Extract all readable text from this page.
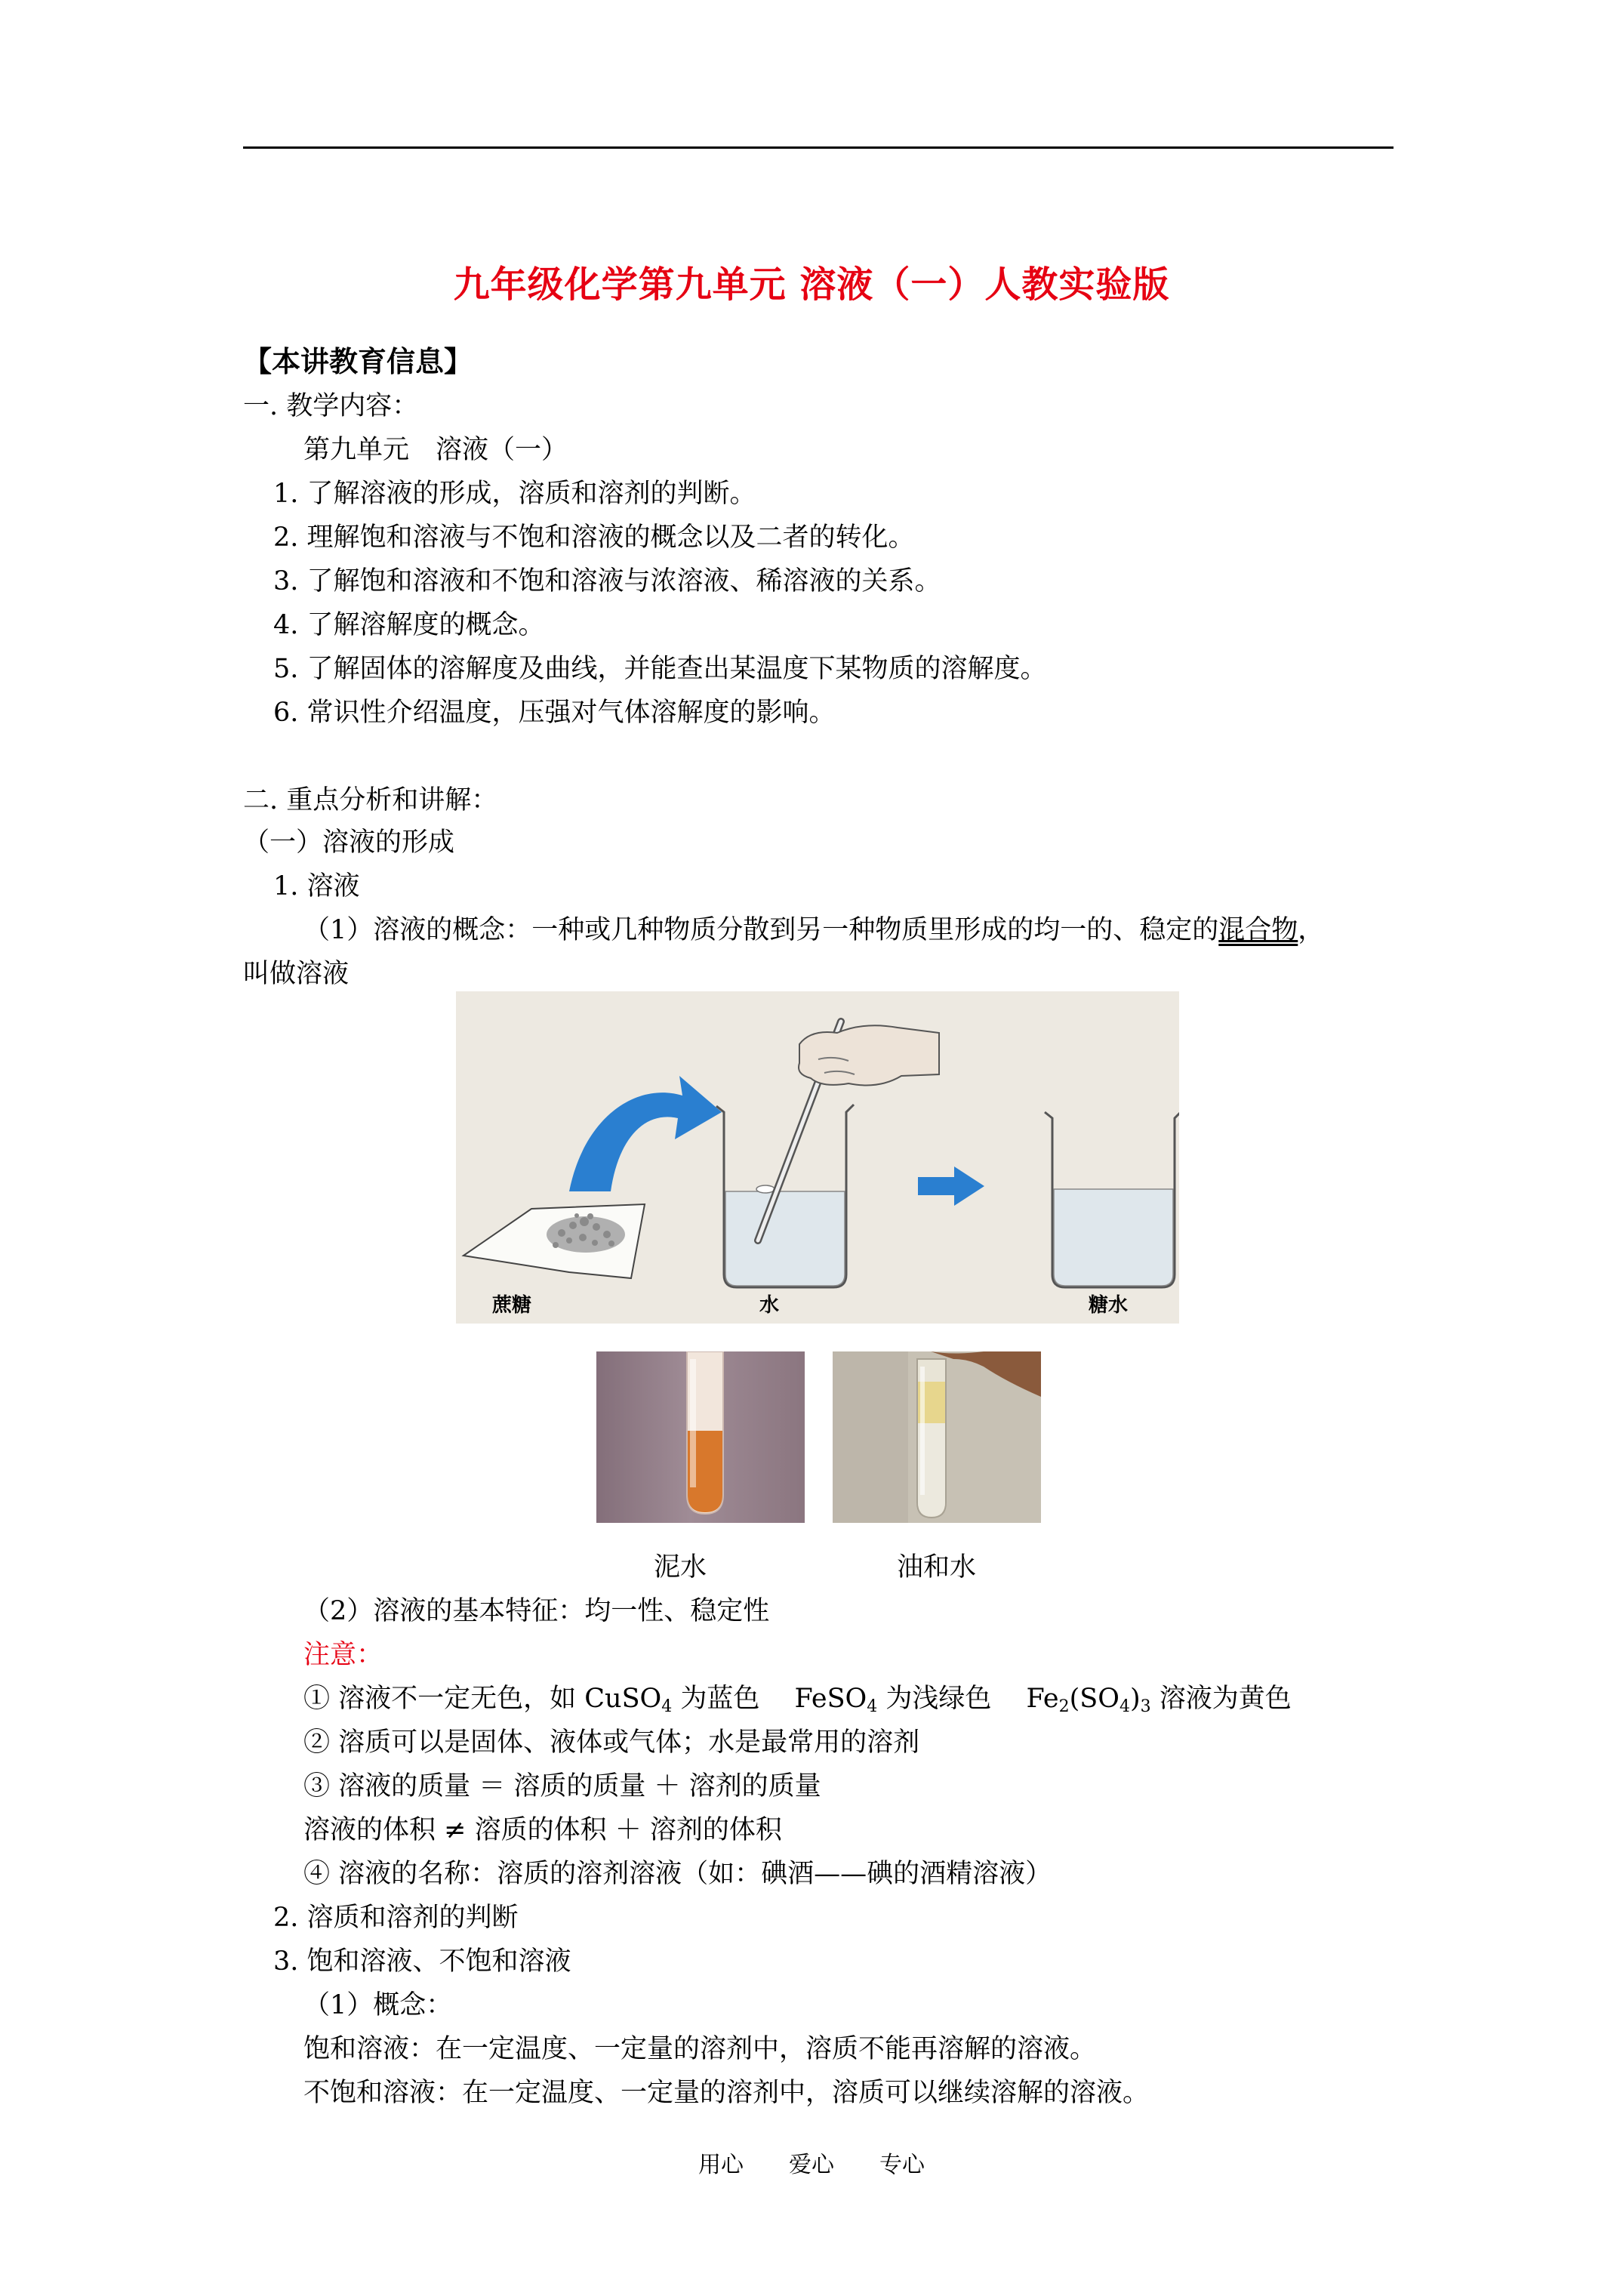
九年级化学第九单元 溶液（一）人教实验版
【本讲教育信息】
一. 教学内容：
第九单元　溶液（一）
1. 了解溶液的形成，溶质和溶剂的判断。
2. 理解饱和溶液与不饱和溶液的概念以及二者的转化。
3. 了解饱和溶液和不饱和溶液与浓溶液、稀溶液的关系。
4. 了解溶解度的概念。
5. 了解固体的溶解度及曲线，并能查出某温度下某物质的溶解度。
6. 常识性介绍温度，压强对气体溶解度的影响。
二. 重点分析和讲解：
（一）溶液的形成
1. 溶液
（1）溶液的概念：一种或几种物质分散到另一种物质里形成的均一的、稳定的混合物，
叫做溶液
蔗糖	水	糖水
泥水	油和水
（2）溶液的基本特征：均一性、稳定性
注意：
① 溶液不一定无色，如 CuSO$_4$ 为蓝色　 FeSO$_4$ 为浅绿色　 $Fe_2(SO_4)_3$ 溶液为黄色
② 溶质可以是固体、液体或气体；水是最常用的溶剂
③ 溶液的质量 ＝ 溶质的质量 ＋ 溶剂的质量
溶液的体积 ≠ 溶质的体积 ＋ 溶剂的体积
④ 溶液的名称：溶质的溶剂溶液（如：碘酒——碘的酒精溶液）
2. 溶质和溶剂的判断
3. 饱和溶液、不饱和溶液
（1）概念：
饱和溶液：在一定温度、一定量的溶剂中，溶质不能再溶解的溶液。
不饱和溶液：在一定温度、一定量的溶剂中，溶质可以继续溶解的溶液。
用心　　爱心　　专心
